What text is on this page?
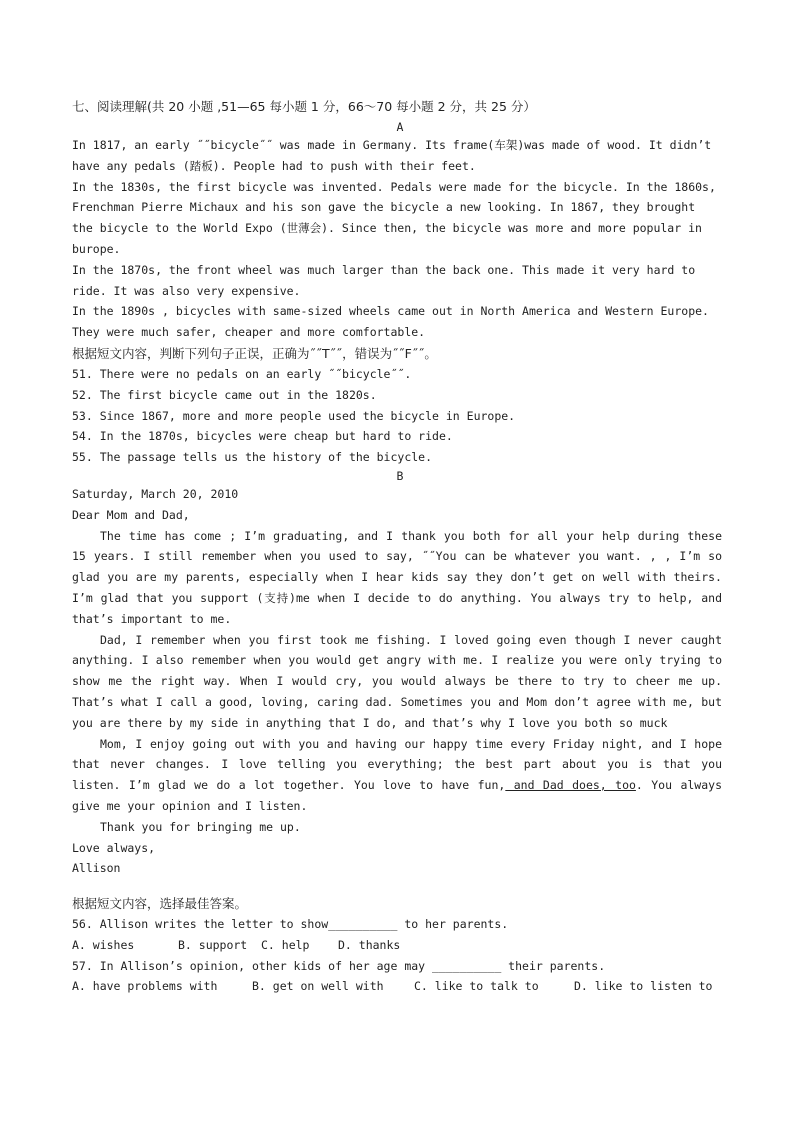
七、阅读理解(共 20 小题 ,51—65 每小题 1 分，66～70 每小题 2 分，共 25 分）
A

In 1817, an early ˝˝bicycle˝˝ was made in Germany. Its frame(车架)was made of wood. It didn’t have any pedals (踏板). People had to push with their feet.

In the 1830s, the first bicycle was invented. Pedals were made for the bicycle. In the 1860s, Frenchman Pierre Michaux and his son gave the bicycle a new looking. In 1867, they brought the bicycle to the World Expo (世薄会). Since then, the bicycle was more and more popular in burope.

In the 1870s, the front wheel was much larger than the back one. This made it very hard to ride. It was also very expensive.

In the 1890s , bicycles with same-sized wheels came out in North America and Western Europe. They were much safer, cheaper and more comfortable.

根据短文内容，判断下列句子正误，正确为˝˝T˝˝，错误为˝˝F˝˝。

51. There were no pedals on an early ˝˝bicycle˝˝.

52. The first bicycle came out in the 1820s.

53. Since 1867, more and more people used the bicycle in Europe.

54. In the 1870s, bicycles were cheap but hard to ride.

55. The passage tells us the history of the bicycle.

B

Saturday, March 20, 2010

Dear Mom and Dad,

The time has come ; I’m graduating, and I thank you both for all your help during these 15 years. I still remember when you used to say, ˝˝You can be whatever you want. , , I’m so glad you are my parents, especially when I hear kids say they don’t get on well with theirs. I’m glad that you support (支持)me when I decide to do anything. You always try to help, and that’s important to me.

Dad, I remember when you first took me fishing. I loved going even though I never caught anything. I also remember when you would get angry with me. I realize you were only trying to show me the right way. When I would cry, you would always be there to try to cheer me up. That’s what I call a good, loving, caring dad. Sometimes you and Mom don’t agree with me, but you are there by my side in anything that I do, and that’s why I love you both so muck

Mom, I enjoy going out with you and having our happy time every Friday night, and I hope that never changes. I love telling you everything; the best part about you is that you listen. I’m glad we do a lot together. You love to have fun, and Dad does, too. You always give me your opinion and I listen.

Thank you for bringing me up.

Love always,

Allison

根据短文内容，选择最佳答案。

56. Allison writes the letter to show__________ to her parents.

A. wishes	B. support	C. help	D. thanks

57. In Allison’s opinion, other kids of her age may __________ their parents.

A. have problems with	B. get on well with	C. like to talk to	D. like to listen to
